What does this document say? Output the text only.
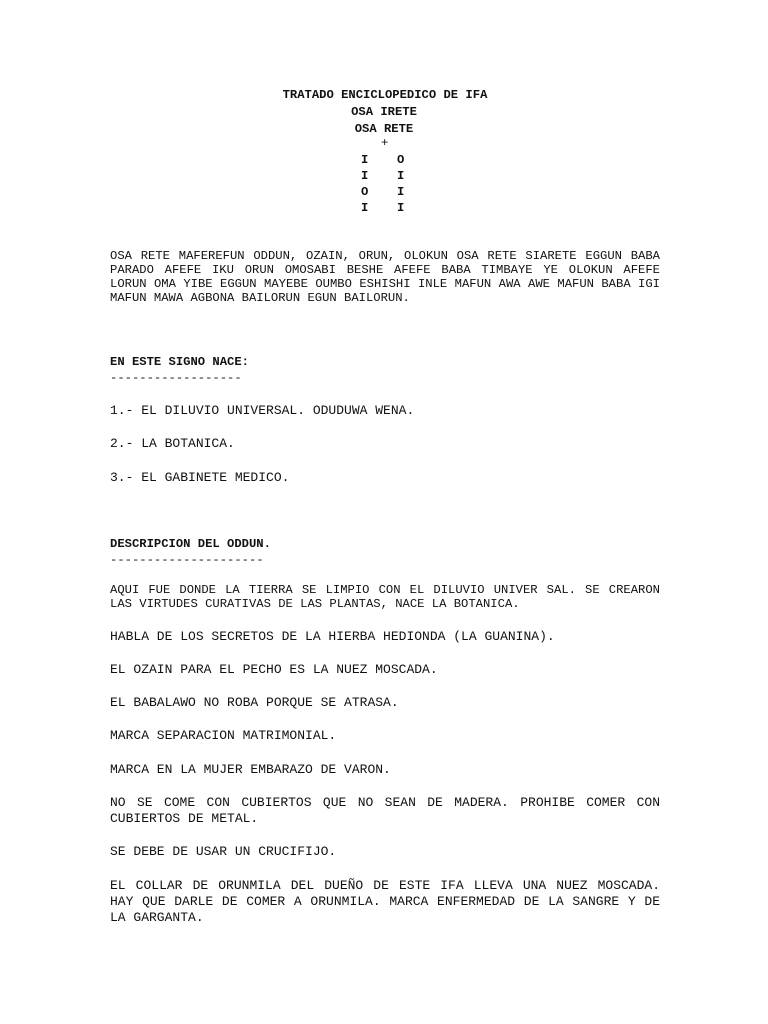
TRATADO ENCICLOPEDICO DE IFA
OSA IRETE
OSA RETE
+
I O
I I
O I
I I
OSA RETE MAFEREFUN ODDUN, OZAIN, ORUN, OLOKUN OSA RETE SIARETE EGGUN BABA PARADO AFEFE IKU ORUN OMOSABI BESHE AFEFE BABA TIMBAYE YE OLOKUN AFEFE LORUN OMA YIBE EGGUN MAYEBE OUMBO ESHISHI INLE MAFUN AWA AWE MAFUN BABA IGI MAFUN MAWA AGBONA BAILORUN EGUN BAILORUN.
EN ESTE SIGNO NACE:
------------------
1.- EL DILUVIO UNIVERSAL. ODUDUWA WENA.
2.- LA BOTANICA.
3.- EL GABINETE MEDICO.
DESCRIPCION DEL ODDUN.
---------------------
AQUI FUE DONDE LA TIERRA SE LIMPIO CON EL DILUVIO UNIVER SAL. SE CREARON LAS VIRTUDES CURATIVAS DE LAS PLANTAS, NACE LA BOTANICA.
HABLA DE LOS SECRETOS DE LA HIERBA HEDIONDA (LA GUANINA).
EL OZAIN PARA EL PECHO ES LA NUEZ MOSCADA.
EL BABALAWO NO ROBA PORQUE SE ATRASA.
MARCA SEPARACION MATRIMONIAL.
MARCA EN LA MUJER EMBARAZO DE VARON.
NO SE COME CON CUBIERTOS QUE NO SEAN DE MADERA. PROHIBE COMER CON CUBIERTOS DE METAL.
SE DEBE DE USAR UN CRUCIFIJO.
EL COLLAR DE ORUNMILA DEL DUEÑO DE ESTE IFA LLEVA UNA NUEZ MOSCADA. HAY QUE DARLE DE COMER A ORUNMILA. MARCA ENFERMEDAD DE LA SANGRE Y DE LA GARGANTA.
